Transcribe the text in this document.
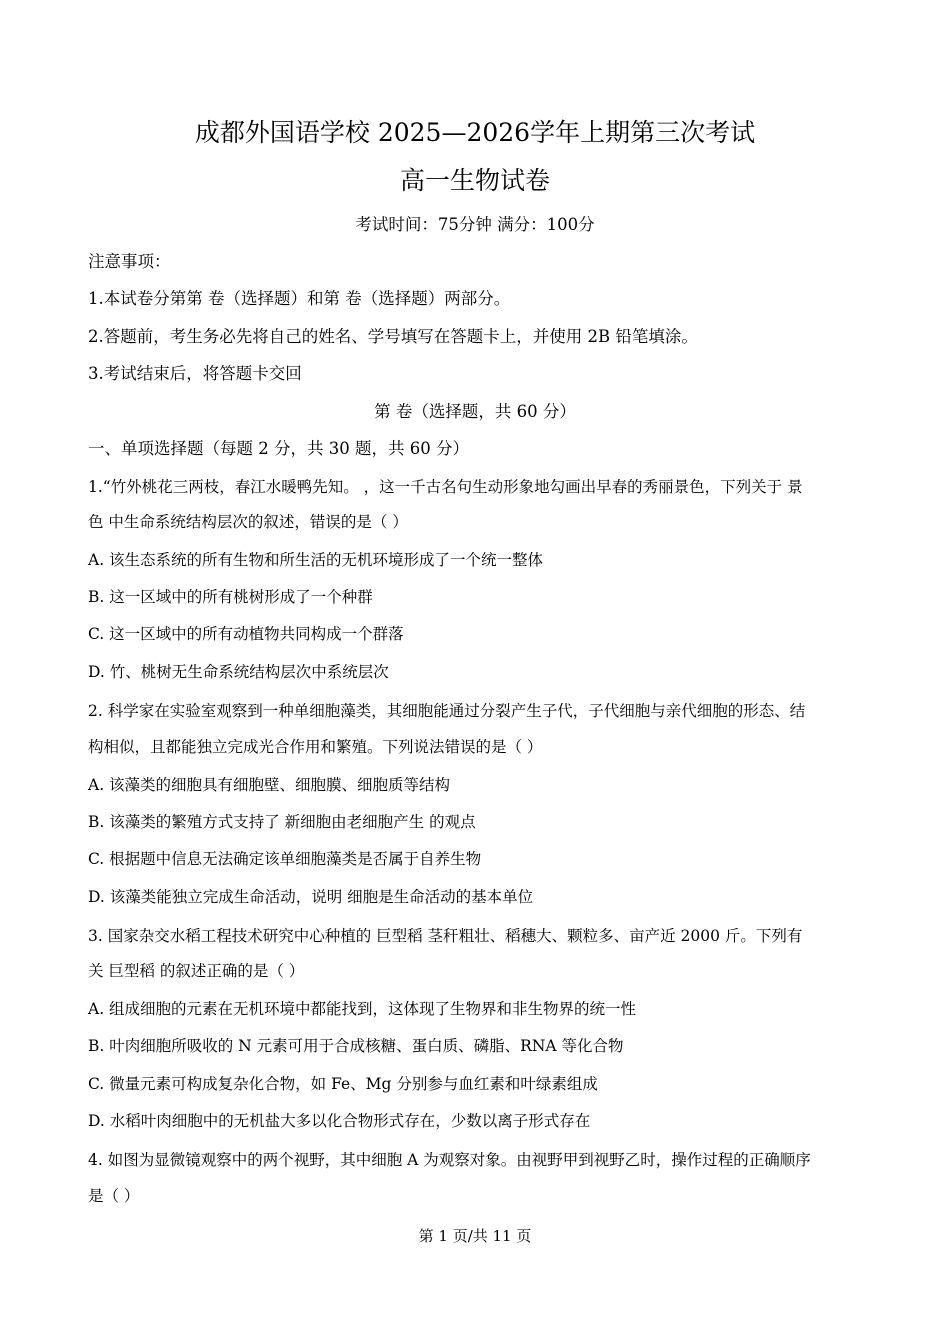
成都外国语学校 2025—2026学年上期第三次考试
高一生物试卷
考试时间：75分钟 满分：100分
注意事项：
1.本试卷分第第 卷（选择题）和第 卷（选择题）两部分。
2.答题前，考生务必先将自己的姓名、学号填写在答题卡上，并使用 2B 铅笔填涂。
3.考试结束后，将答题卡交回
第 卷（选择题，共 60 分）
一、单项选择题（每题 2 分，共 30 题，共 60 分）
1.“竹外桃花三两枝，春江水暖鸭先知。 ，这一千古名句生动形象地勾画出早春的秀丽景色，下列关于 景
色 中生命系统结构层次的叙述，错误的是（ ）
A. 该生态系统的所有生物和所生活的无机环境形成了一个统一整体
B. 这一区域中的所有桃树形成了一个种群
C. 这一区域中的所有动植物共同构成一个群落
D. 竹、桃树无生命系统结构层次中系统层次
2. 科学家在实验室观察到一种单细胞藻类，其细胞能通过分裂产生子代，子代细胞与亲代细胞的形态、结
构相似，且都能独立完成光合作用和繁殖。下列说法错误的是（ ）
A. 该藻类的细胞具有细胞壁、细胞膜、细胞质等结构
B. 该藻类的繁殖方式支持了 新细胞由老细胞产生 的观点
C. 根据题中信息无法确定该单细胞藻类是否属于自养生物
D. 该藻类能独立完成生命活动，说明 细胞是生命活动的基本单位
3. 国家杂交水稻工程技术研究中心种植的 巨型稻 茎秆粗壮、稻穗大、颗粒多、亩产近 2000 斤。下列有
关 巨型稻 的叙述正确的是（ ）
A. 组成细胞的元素在无机环境中都能找到，这体现了生物界和非生物界的统一性
B. 叶肉细胞所吸收的 N 元素可用于合成核糖、蛋白质、磷脂、RNA 等化合物
C. 微量元素可构成复杂化合物，如 Fe、Mg 分别参与血红素和叶绿素组成
D. 水稻叶肉细胞中的无机盐大多以化合物形式存在，少数以离子形式存在
4. 如图为显微镜观察中的两个视野，其中细胞 A 为观察对象。由视野甲到视野乙时，操作过程的正确顺序
是（ ）
第 1 页/共 11 页
